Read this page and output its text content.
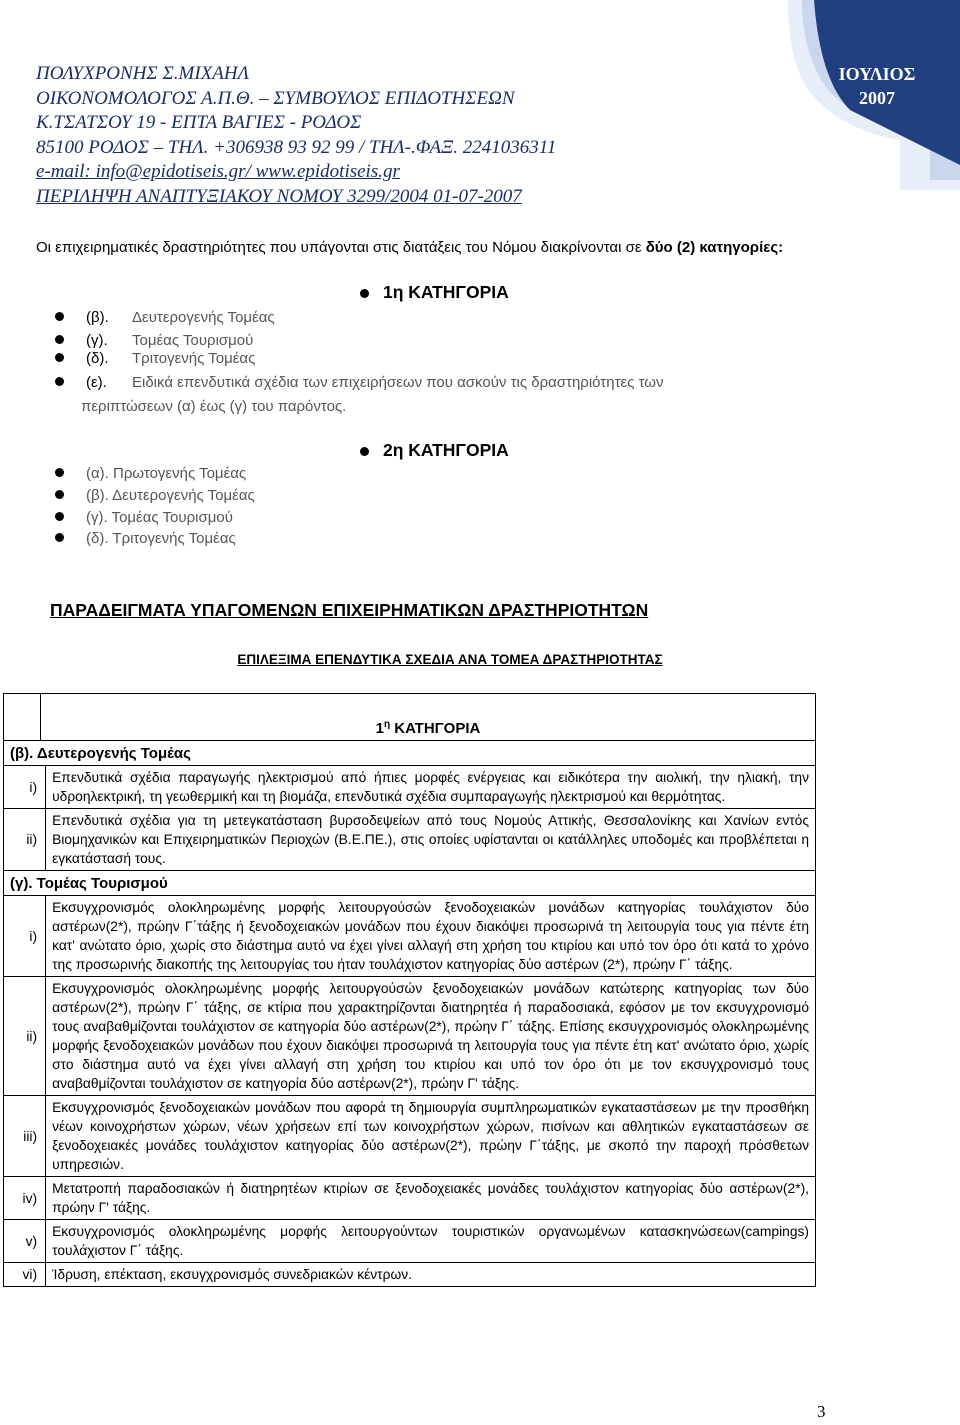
ΠΟΛΥΧΡΟΝΗΣ Σ.ΜΙΧΑΗΛ
ΟΙΚΟΝΟΜΟΛΟΓΟΣ Α.Π.Θ. – ΣΥΜΒΟΥΛΟΣ ΕΠΙΔΟΤΗΣΕΩΝ
Κ.ΤΣΑΤΣΟΥ 19 - ΕΠΤΑ ΒΑΓΙΕΣ - ΡΟΔΟΣ
85100 ΡΟΔΟΣ – ΤΗΛ. +306938 93 92 99 / ΤΗΛ-.ΦΑΞ. 2241036311
e-mail: info@epidotiseis.gr/ www.epidotiseis.gr
ΠΕΡΙΛΗΨΗ ΑΝΑΠΤΥΞΙΑΚΟΥ ΝΟΜΟΥ 3299/2004 01-07-2007
ΙΟΥΛΙΟΣ
2007
Οι επιχειρηματικές δραστηριότητες που υπάγονται στις διατάξεις του Νόμου διακρίνονται σε δύο (2) κατηγορίες:
1η ΚΑΤΗΓΟΡΙΑ
(β). Δευτερογενής Τομέας
(γ). Τομέας Τουρισμού
(δ). Τριτογενής Τομέας
(ε). Ειδικά επενδυτικά σχέδια των επιχειρήσεων που ασκούν τις δραστηριότητες των
περιπτώσεων (α) έως (γ) του παρόντος.
2η ΚΑΤΗΓΟΡΙΑ
(α). Πρωτογενής Τομέας
(β). Δευτερογενής Τομέας
(γ). Τομέας Τουρισμού
(δ). Τριτογενής Τομέας
ΠΑΡΑΔΕΙΓΜΑΤΑ ΥΠΑΓΟΜΕΝΩΝ ΕΠΙΧΕΙΡΗΜΑΤΙΚΩΝ ΔΡΑΣΤΗΡΙΟΤΗΤΩΝ
ΕΠΙΛΕΞΙΜΑ ΕΠΕΝΔΥΤΙΚΑ ΣΧΕΔΙΑ ΑΝΑ ΤΟΜΕΑ ΔΡΑΣΤΗΡΙΟΤΗΤΑΣ
	$1^\eta$ ΚΑΤΗΓΟΡΙΑ	
(β). Δευτερογενής Τομέας		
i)		Επενδυτικά σχέδια παραγωγής ηλεκτρισμού από ήπιες μορφές ενέργειας και ειδικότερα την αιολική, την ηλιακή, την υδροηλεκτρική, τη γεωθερμική και τη βιομάζα, επενδυτικά σχέδια συμπαραγωγής ηλεκτρισμού και θερμότητας.
ii)		Επενδυτικά σχέδια για τη μετεγκατάσταση βυρσοδεψείων από τους Νομούς Αττικής, Θεσσαλονίκης και Χανίων εντός Βιομηχανικών και Επιχειρηματικών Περιοχών (Β.Ε.ΠΕ.), στις οποίες υφίστανται οι κατάλληλες υποδομές και προβλέπεται η εγκατάστασή τους.
(γ). Τομέας Τουρισμού		
i)		Εκσυγχρονισμός ολοκληρωμένης μορφής λειτουργούσών ξενοδοχειακών μονάδων κατηγορίας τουλάχιστον δύο αστέρων(2*), πρώην Γ΄τάξης ή ξενοδοχειακών μονάδων που έχουν διακόψει προσωρινά τη λειτουργία τους για πέντε έτη κατ' ανώτατο όριο, χωρίς στο διάστημα αυτό να έχει γίνει αλλαγή στη χρήση του κτιρίου και υπό τον όρο ότι κατά το χρόνο της προσωρινής διακοπής της λειτουργίας του ήταν τουλάχιστον κατηγορίας δύο αστέρων (2*), πρώην Γ΄ τάξης.
ii)		Εκσυγχρονισμός ολοκληρωμένης μορφής λειτουργούσών ξενοδοχειακών μονάδων κατώτερης κατηγορίας των δύο αστέρων(2*), πρώην Γ΄ τάξης, σε κτίρια που χαρακτηρίζονται διατηρητέα ή παραδοσιακά, εφόσον με τον εκσυγχρονισμό τους αναβαθμίζονται τουλάχιστον σε κατηγορία δύο αστέρων(2*), πρώην Γ΄ τάξης. Επίσης εκσυγχρονισμός ολοκληρωμένης μορφής ξενοδοχειακών μονάδων που έχουν διακόψει προσωρινά τη λειτουργία τους για πέντε έτη κατ' ανώτατο όριο, χωρίς στο διάστημα αυτό να έχει γίνει αλλαγή στη χρήση του κτιρίου και υπό τον όρο ότι με τον εκσυγχρονισμό τους αναβαθμίζονται τουλάχιστον σε κατηγορία δύο αστέρων(2*), πρώην Γ' τάξης.
iii)		Εκσυγχρονισμός ξενοδοχειακών μονάδων που αφορά τη δημιουργία συμπληρωματικών εγκαταστάσεων με την προσθήκη νέων κοινοχρήστων χώρων, νέων χρήσεων επί των κοινοχρήστων χώρων, πισίνων και αθλητικών εγκαταστάσεων σε ξενοδοχειακές μονάδες τουλάχιστον κατηγορίας δύο αστέρων(2*), πρώην Γ΄τάξης, με σκοπό την παροχή πρόσθετων υπηρεσιών.
iv)		Μετατροπή παραδοσιακών ή διατηρητέων κτιρίων σε ξενοδοχειακές μονάδες τουλάχιστον κατηγορίας δύο αστέρων(2*), πρώην Γ' τάξης.
v)		Εκσυγχρονισμός ολοκληρωμένης μορφής λειτουργούντων τουριστικών οργανωμένων κατασκηνώσεων(campings) τουλάχιστον Γ΄ τάξης.
vi)		Ίδρυση, επέκταση, εκσυγχρονισμός συνεδριακών κέντρων.
3
